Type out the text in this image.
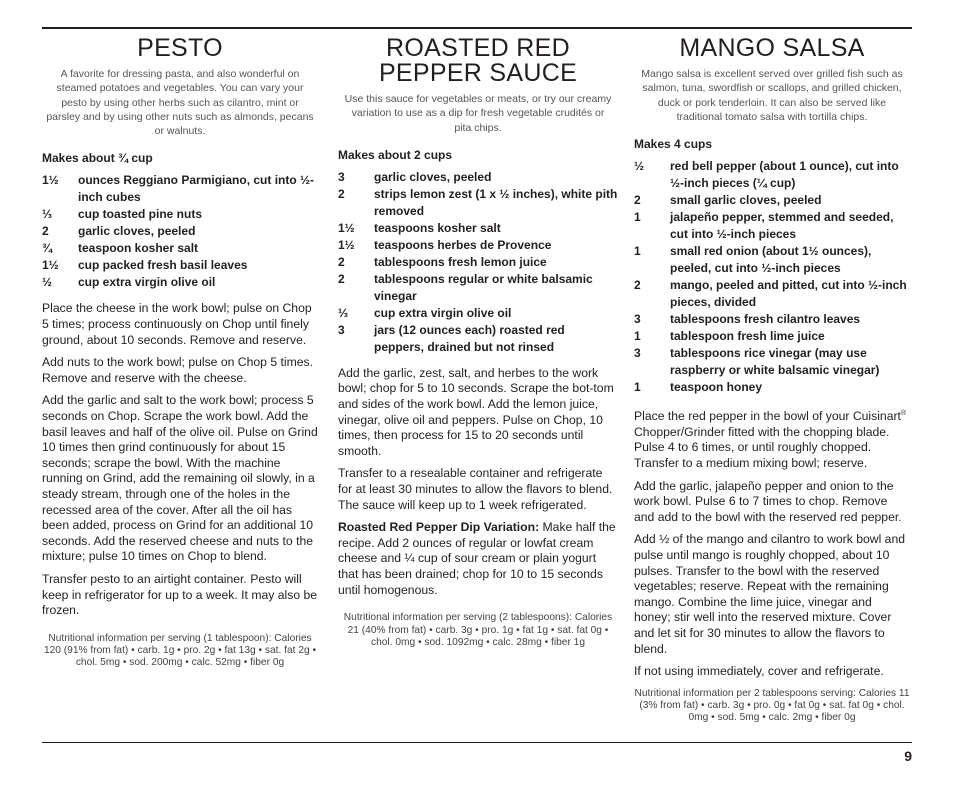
PESTO
A favorite for dressing pasta, and also wonderful on steamed potatoes and vegetables. You can vary your pesto by using other herbs such as cilantro, mint or parsley and by using other nuts such as almonds, pecans or walnuts.
Makes about ¾ cup
1½	ounces Reggiano Parmigiano, cut into ½-inch cubes
⅓	cup toasted pine nuts
2	garlic cloves, peeled
¾	teaspoon kosher salt
1½	cup packed fresh basil leaves
½	cup extra virgin olive oil
Place the cheese in the work bowl; pulse on Chop 5 times; process continuously on Chop until finely ground, about 10 seconds. Remove and reserve.
Add nuts to the work bowl; pulse on Chop 5 times. Remove and reserve with the cheese.
Add the garlic and salt to the work bowl; process 5 seconds on Chop. Scrape the work bowl. Add the basil leaves and half of the olive oil. Pulse on Grind 10 times then grind continuously for about 15 seconds; scrape the bowl. With the machine running on Grind, add the remaining oil slowly, in a steady stream, through one of the holes in the recessed area of the cover. After all the oil has been added, process on Grind for an additional 10 seconds. Add the reserved cheese and nuts to the mixture; pulse 10 times on Chop to blend.
Transfer pesto to an airtight container. Pesto will keep in refrigerator for up to a week. It may also be frozen.
Nutritional information per serving (1 tablespoon): Calories 120 (91% from fat) • carb. 1g • pro. 2g • fat 13g • sat. fat 2g • chol. 5mg • sod. 200mg • calc. 52mg • fiber 0g
ROASTED RED
PEPPER SAUCE
Use this sauce for vegetables or meats, or try our creamy variation to use as a dip for fresh vegetable crudités or pita chips.
Makes about 2 cups
3	garlic cloves, peeled
2	strips lemon zest (1 x ½ inches), white pith removed
1½	teaspoons kosher salt
1½	teaspoons herbes de Provence
2	tablespoons fresh lemon juice
2	tablespoons regular or white balsamic vinegar
⅓	cup extra virgin olive oil
3	jars (12 ounces each) roasted red peppers, drained but not rinsed
Add the garlic, zest, salt, and herbes to the work bowl; chop for 5 to 10 seconds. Scrape the bot-tom and sides of the work bowl. Add the lemon juice, vinegar, olive oil and peppers. Pulse on Chop, 10 times, then process for 15 to 20 seconds until smooth.
Transfer to a resealable container and refrigerate for at least 30 minutes to allow the flavors to blend. The sauce will keep up to 1 week refrigerated.
Roasted Red Pepper Dip Variation: Make half the recipe. Add 2 ounces of regular or lowfat cream cheese and ¼ cup of sour cream or plain yogurt that has been drained; chop for 10 to 15 seconds until homogenous.
Nutritional information per serving (2 tablespoons): Calories 21 (40% from fat) • carb. 3g • pro. 1g • fat 1g • sat. fat 0g • chol. 0mg • sod. 1092mg • calc. 28mg • fiber 1g
MANGO SALSA
Mango salsa is excellent served over grilled fish such as salmon, tuna, swordfish or scallops, and grilled chicken, duck or pork tenderloin. It can also be served like traditional tomato salsa with tortilla chips.
Makes 4 cups
½	red bell pepper (about 1 ounce), cut into ½-inch pieces (¼ cup)
2	small garlic cloves, peeled
1	jalapeño pepper, stemmed and seeded, cut into ½-inch pieces
1	small red onion (about 1½ ounces), peeled, cut into ½-inch pieces
2	mango, peeled and pitted, cut into ½-inch pieces, divided
3	tablespoons fresh cilantro leaves
1	tablespoon fresh lime juice
3	tablespoons rice vinegar (may use raspberry or white balsamic vinegar)
1	teaspoon honey
Place the red pepper in the bowl of your Cuisinart® Chopper/Grinder fitted with the chopping blade. Pulse 4 to 6 times, or until roughly chopped. Transfer to a medium mixing bowl; reserve.
Add the garlic, jalapeño pepper and onion to the work bowl. Pulse 6 to 7 times to chop. Remove and add to the bowl with the reserved red pepper.
Add ½ of the mango and cilantro to work bowl and pulse until mango is roughly chopped, about 10 pulses. Transfer to the bowl with the reserved vegetables; reserve. Repeat with the remaining mango. Combine the lime juice, vinegar and honey; stir well into the reserved mixture. Cover and let sit for 30 minutes to allow the flavors to blend.
If not using immediately, cover and refrigerate.
Nutritional information per 2 tablespoons serving: Calories 11 (3% from fat) • carb. 3g • pro. 0g • fat 0g • sat. fat 0g • chol. 0mg • sod. 5mg • calc. 2mg • fiber 0g
9
